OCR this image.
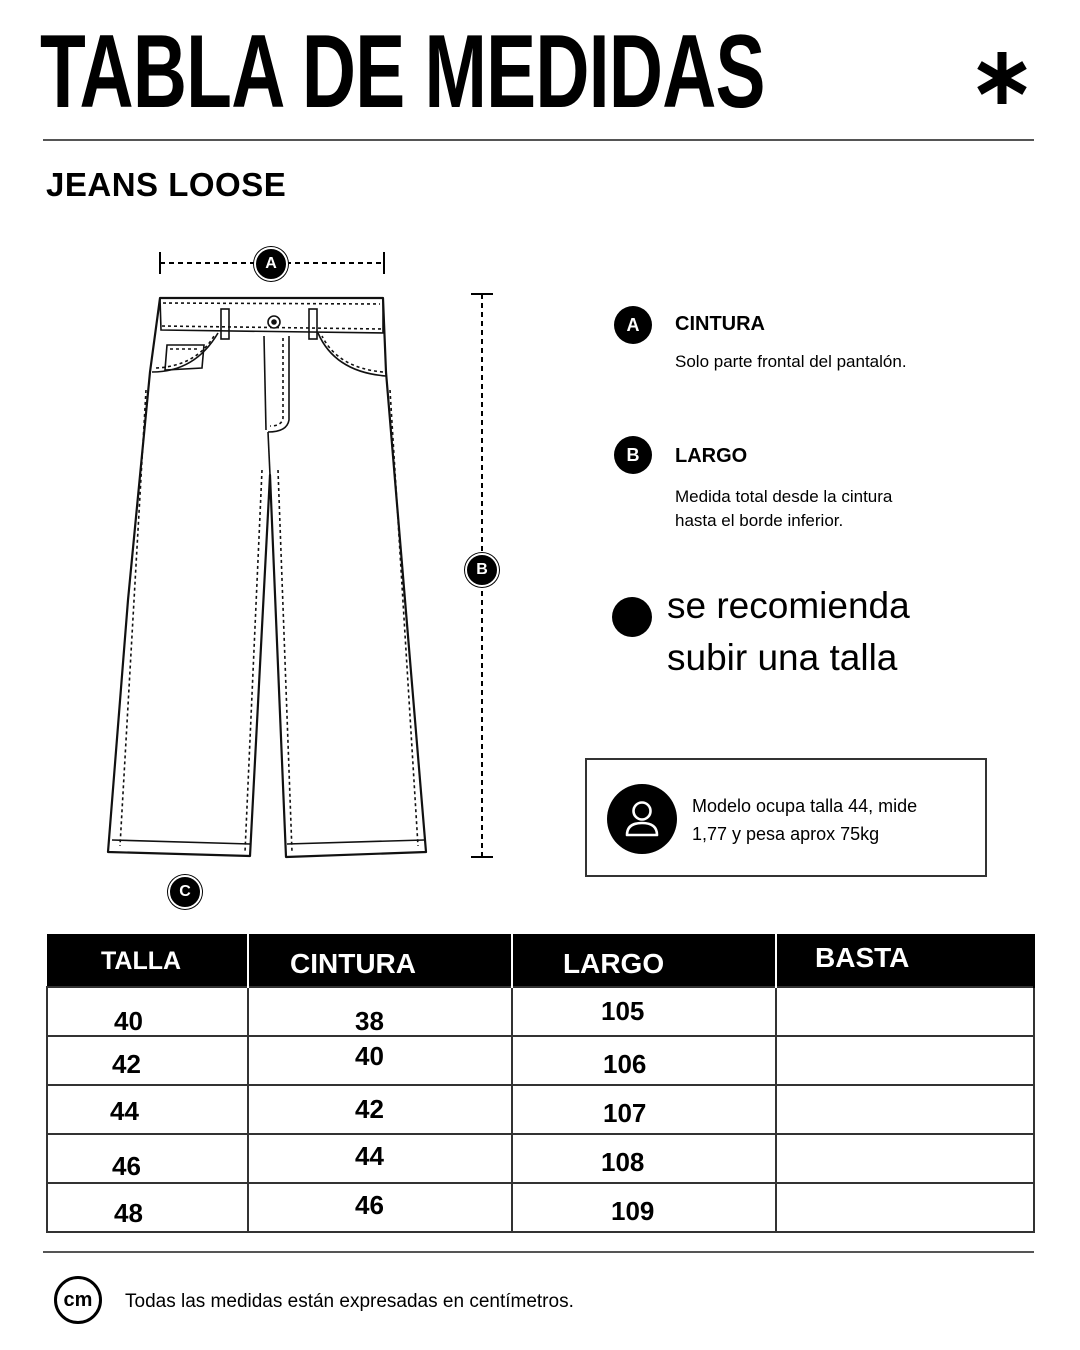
TABLA DE MEDIDAS
JEANS LOOSE
A
B
C
A	CINTURA
Solo parte frontal del pantalón.
B	LARGO
Medida total desde la cintura
hasta el borde inferior.
se recomienda
subir una talla
Modelo ocupa talla 44, mide
1,77 y pesa aprox 75kg
TALLA	CINTURA	LARGO	BASTA
40	38	105	
42	40	106	
44	42	107	
46	44	108	
48	46	109	
cm	Todas las medidas están expresadas en centímetros.
